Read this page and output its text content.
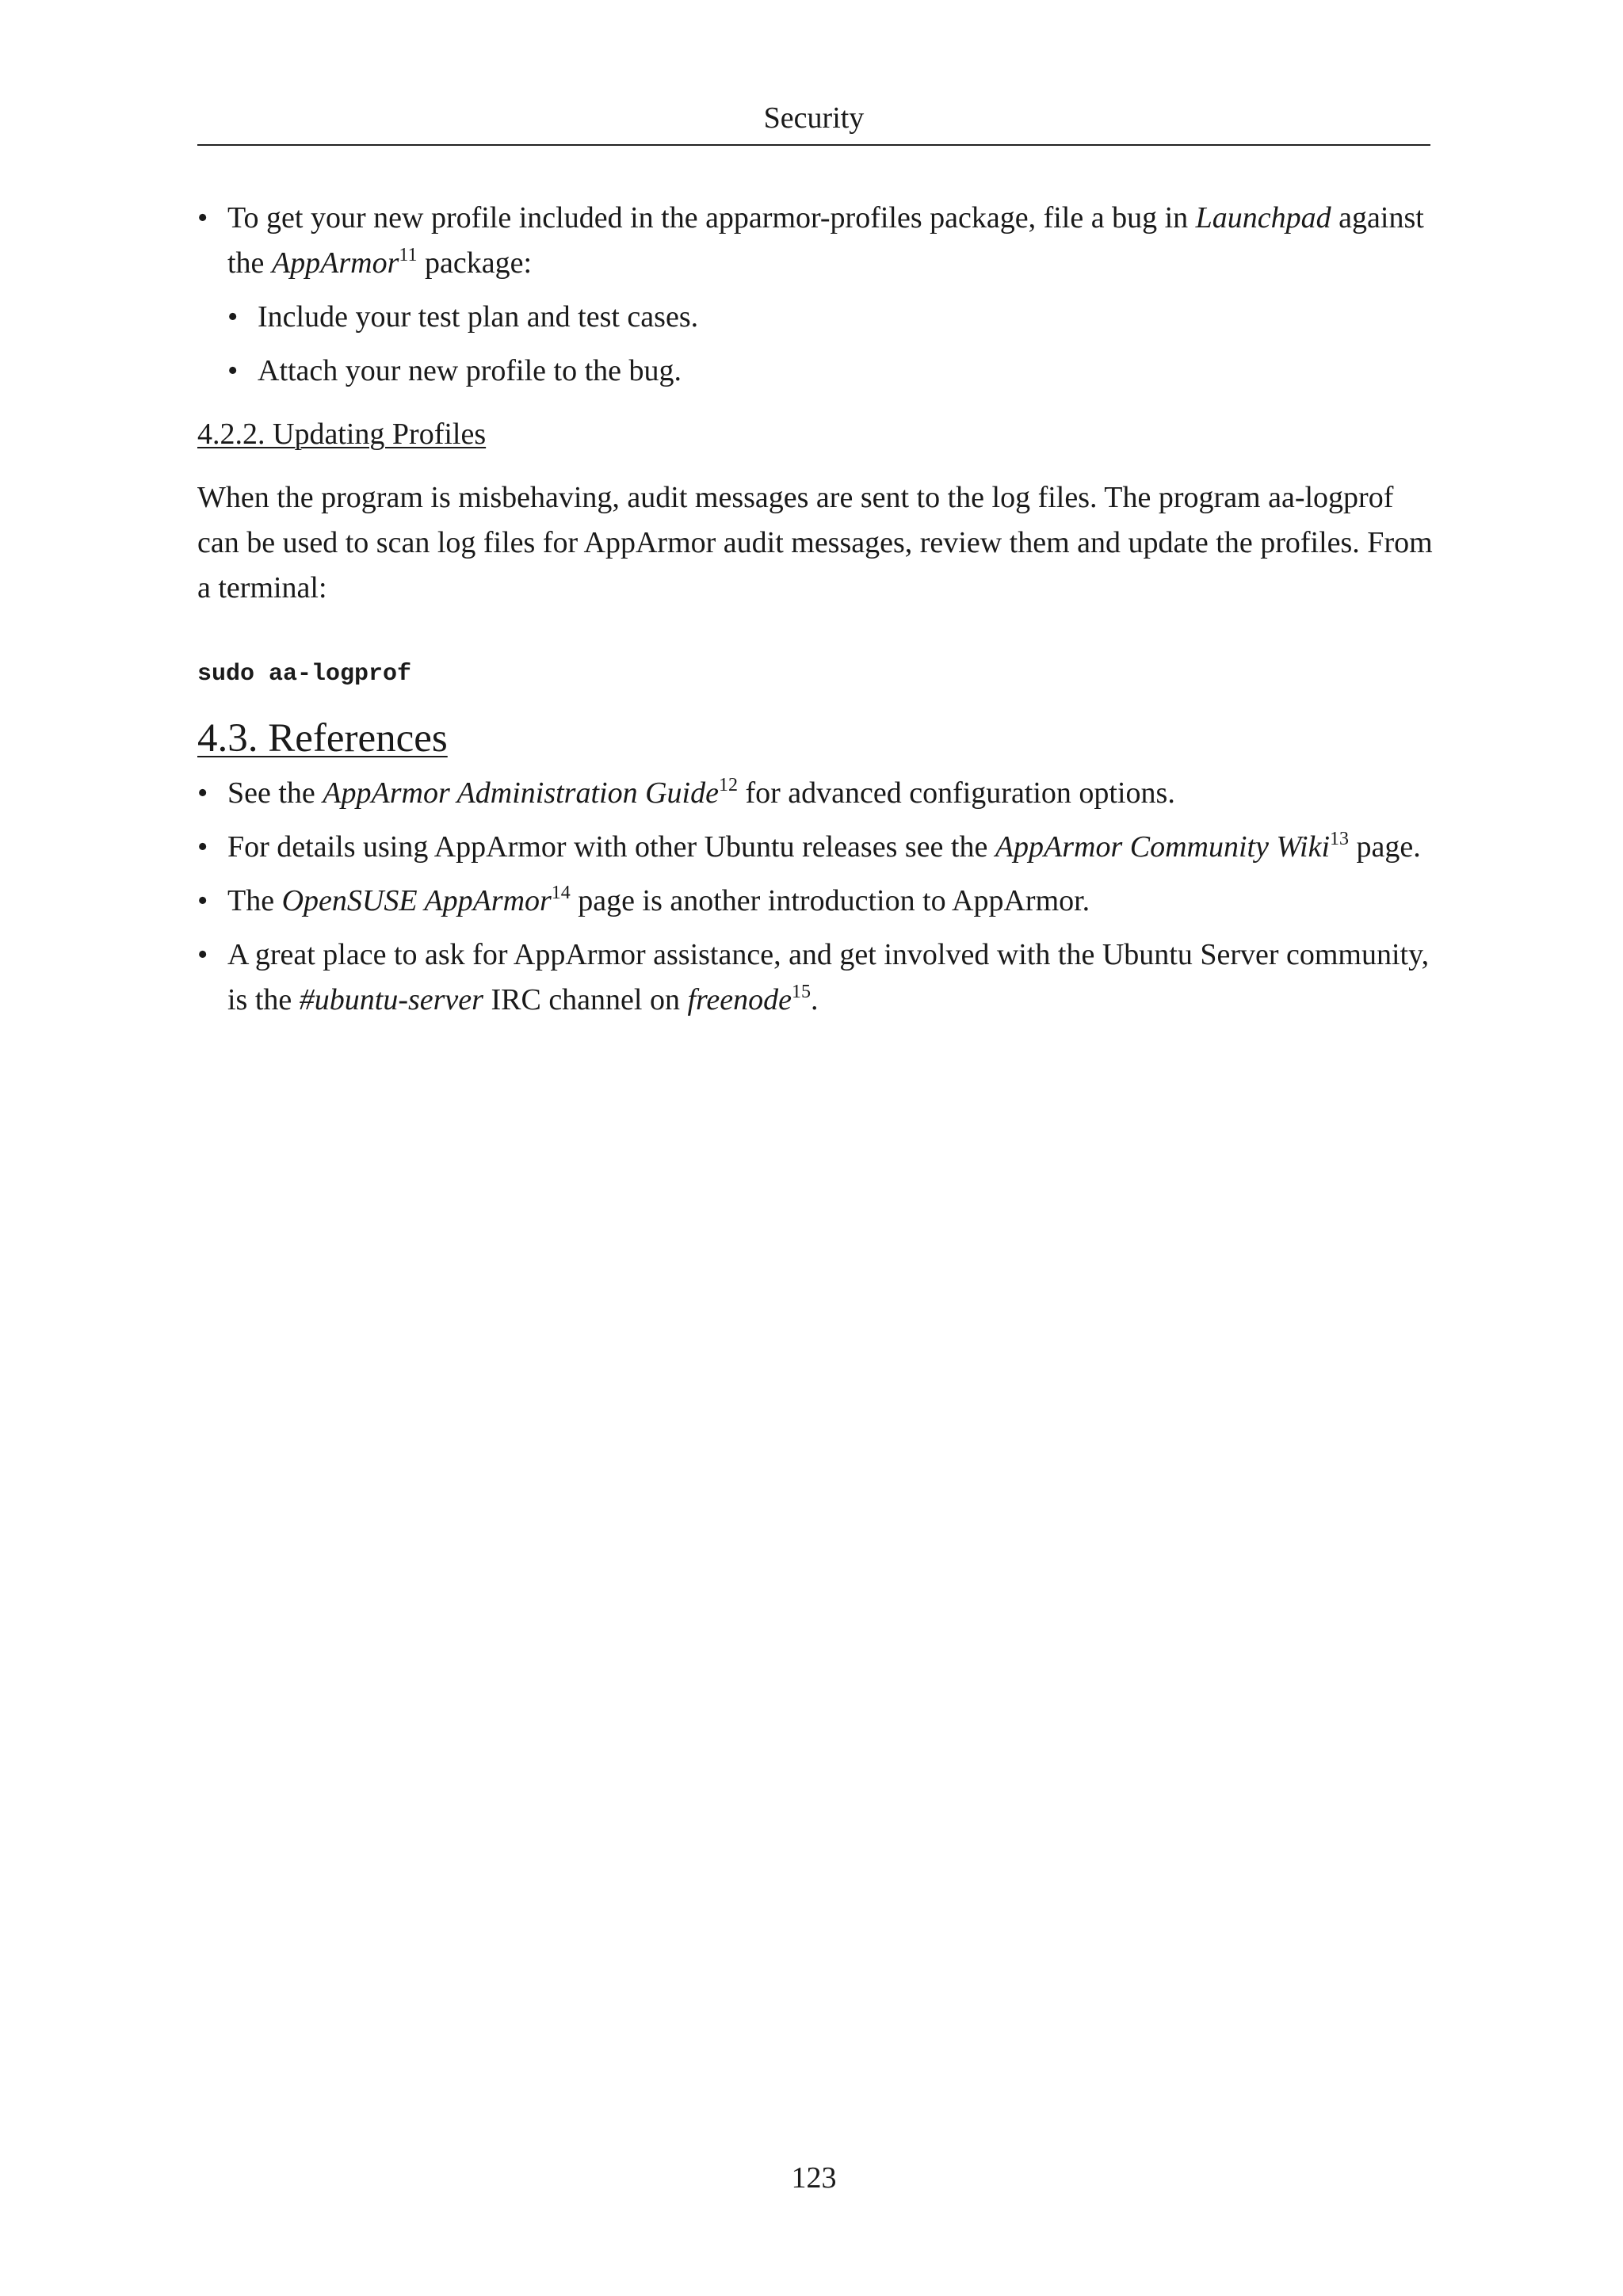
Security
• To get your new profile included in the apparmor-profiles package, file a bug in Launchpad against the AppArmor$^{11}$ package:
• Include your test plan and test cases.
• Attach your new profile to the bug.
4.2.2. Updating Profiles
When the program is misbehaving, audit messages are sent to the log files. The program aa-logprof can be used to scan log files for AppArmor audit messages, review them and update the profiles. From a terminal:
sudo aa-logprof
4.3. References
• See the AppArmor Administration Guide$^{12}$ for advanced configuration options.
• For details using AppArmor with other Ubuntu releases see the AppArmor Community Wiki$^{13}$ page.
• The OpenSUSE AppArmor$^{14}$ page is another introduction to AppArmor.
• A great place to ask for AppArmor assistance, and get involved with the Ubuntu Server community, is the #ubuntu-server IRC channel on freenode$^{15}$.
123
